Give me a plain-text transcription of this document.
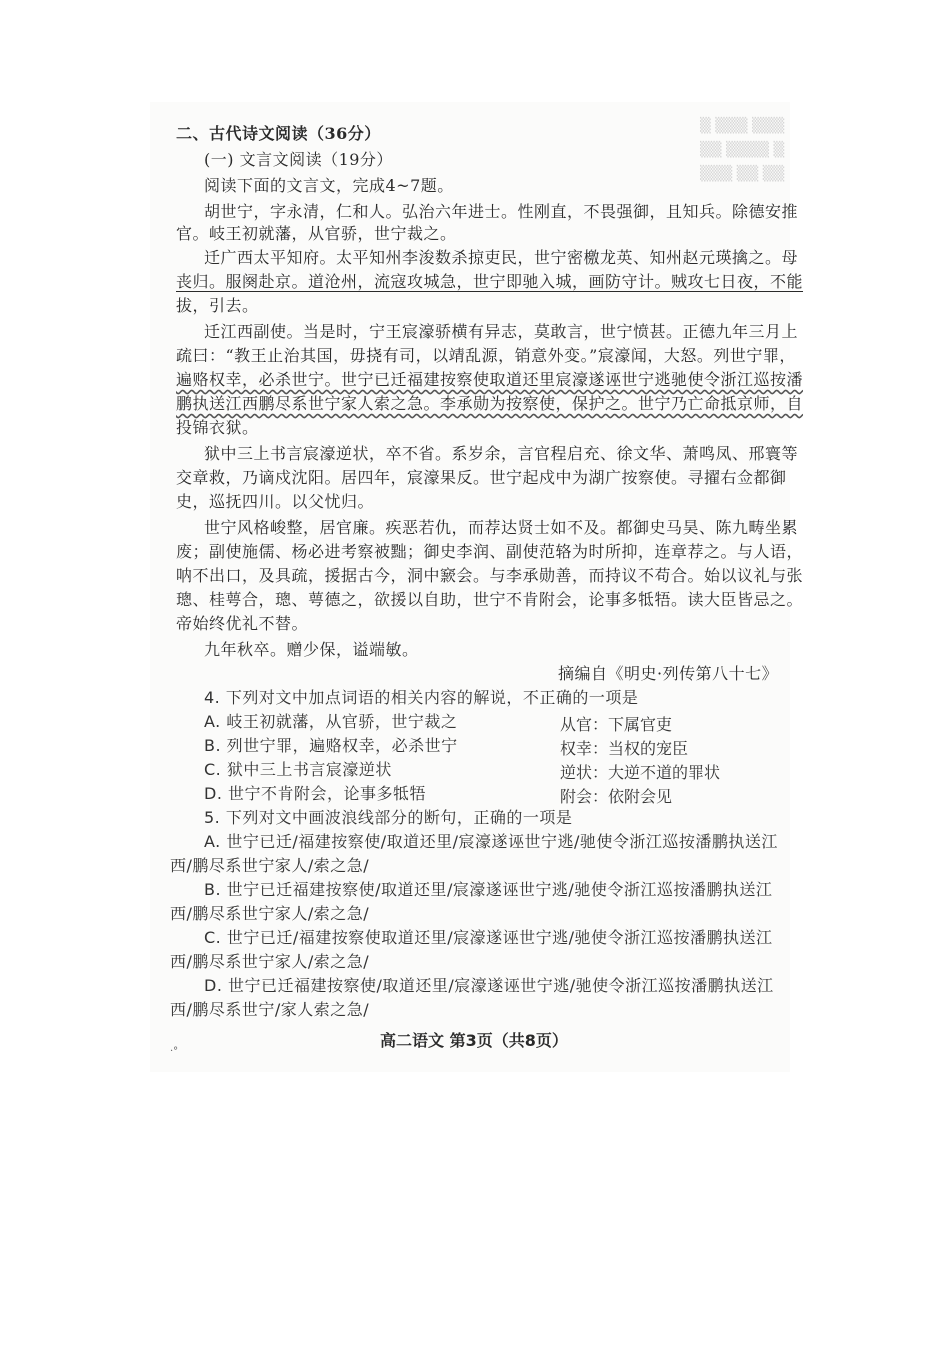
▒ ▒▒▒ ▒▒▒
▒▒ ▒▒▒▒ ▒
▒▒▒ ▒▒ ▒▒
二、古代诗文阅读（36分）
(一) 文言文阅读（19分）
阅读下面的文言文，完成4~7题。
胡世宁，字永清，仁和人。弘治六年进士。性刚直，不畏强御，且知兵。除德安推
官。岐王初就藩，从官骄，世宁裁之。
迁广西太平知府。太平知州李浚数杀掠吏民，世宁密檄龙英、知州赵元瑛擒之。母
丧归。服阕赴京。道沧州，流寇攻城急，世宁即驰入城，画防守计。贼攻七日夜，不能
拔，引去。
迁江西副使。当是时，宁王宸濠骄横有异志，莫敢言，世宁愤甚。正德九年三月上
疏曰：“教王止治其国，毋挠有司，以靖乱源，销意外变。”宸濠闻，大怒。列世宁罪，
遍赂权幸，必杀世宁。世宁已迁福建按察使取道还里宸濠遂诬世宁逃驰使令浙江巡按潘
鹏执送江西鹏尽系世宁家人索之急。李承勋为按察使，保护之。世宁乃亡命抵京师，自
投锦衣狱。
狱中三上书言宸濠逆状，卒不省。系岁余，言官程启充、徐文华、萧鸣凤、邢寰等
交章救，乃谪戍沈阳。居四年，宸濠果反。世宁起戍中为湖广按察使。寻擢右佥都御
史，巡抚四川。以父忧归。
世宁风格峻整，居官廉。疾恶若仇，而荐达贤士如不及。都御史马昊、陈九畴坐累
废；副使施儒、杨必进考察被黜；御史李润、副使范辂为时所抑，连章荐之。与人语，
呐不出口，及具疏，援据古今，洞中窾会。与李承勋善，而持议不苟合。始以议礼与张
璁、桂萼合，璁、萼德之，欲援以自助，世宁不肯附会，论事多牴牾。读大臣皆忌之。
帝始终优礼不替。
九年秋卒。赠少保，谥端敏。
摘编自《明史·列传第八十七》
4. 下列对文中加点词语的相关内容的解说，不正确的一项是
A. 岐王初就藩，从官骄，世宁裁之	从官：下属官吏
B. 列世宁罪，遍赂权幸，必杀世宁	权幸：当权的宠臣
C. 狱中三上书言宸濠逆状	逆状：大逆不道的罪状
D. 世宁不肯附会，论事多牴牾	附会：依附会见
5. 下列对文中画波浪线部分的断句，正确的一项是
A. 世宁已迁/福建按察使/取道还里/宸濠遂诬世宁逃/驰使令浙江巡按潘鹏执送江
西/鹏尽系世宁家人/索之急/
B. 世宁已迁福建按察使/取道还里/宸濠遂诬世宁逃/驰使令浙江巡按潘鹏执送江
西/鹏尽系世宁家人/索之急/
C. 世宁已迁/福建按察使取道还里/宸濠遂诬世宁逃/驰使令浙江巡按潘鹏执送江
西/鹏尽系世宁家人/索之急/
D. 世宁已迁福建按察使/取道还里/宸濠遂诬世宁逃/驰使令浙江巡按潘鹏执送江
西/鹏尽系世宁/家人索之急/
高二语文 第3页（共8页）
·°
